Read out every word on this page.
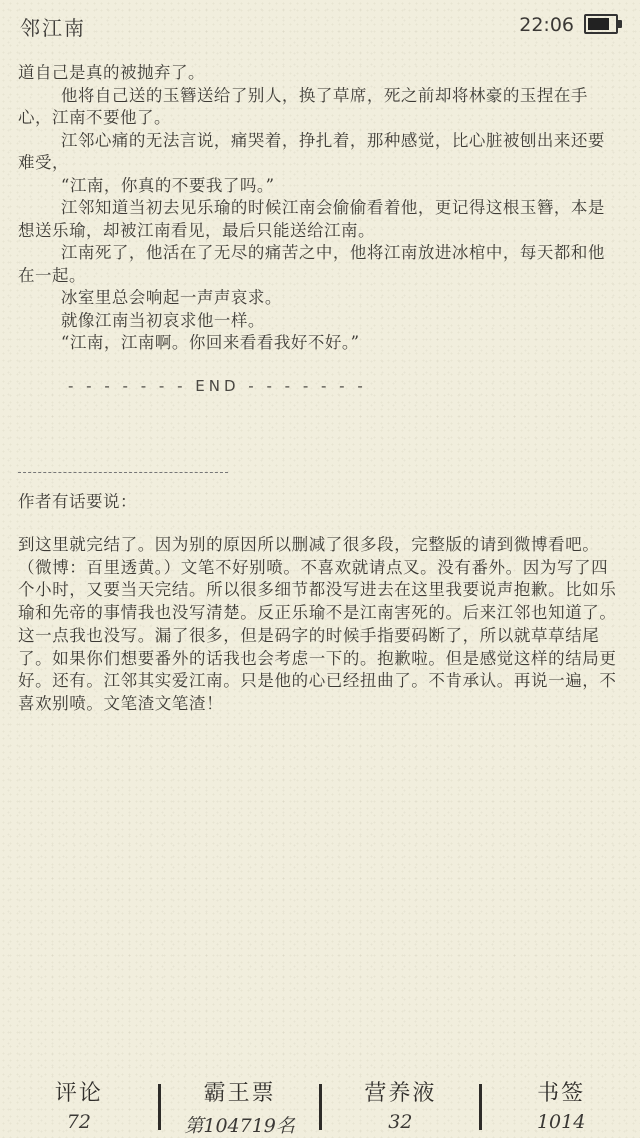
邻江南	22:06

道自己是真的被抛弃了。

他将自己送的玉簪送给了别人，换了草席，死之前却将林豪的玉捏在手心，江南不要他了。

江邻心痛的无法言说，痛哭着，挣扎着，那种感觉，比心脏被刨出来还要难受，

“江南，你真的不要我了吗。”

江邻知道当初去见乐瑜的时候江南会偷偷看着他，更记得这根玉簪，本是想送乐瑜，却被江南看见，最后只能送给江南。

江南死了，他活在了无尽的痛苦之中，他将江南放进冰棺中，每天都和他在一起。

冰室里总会响起一声声哀求。

就像江南当初哀求他一样。

“江南，江南啊。你回来看看我好不好。”

- - - - - - - END - - - - - - -

作者有话要说：

到这里就完结了。因为别的原因所以删减了很多段，完整版的请到微博看吧。（微博：百里透黄。）文笔不好别喷。不喜欢就请点叉。没有番外。因为写了四个小时，又要当天完结。所以很多细节都没写进去在这里我要说声抱歉。比如乐瑜和先帝的事情我也没写清楚。反正乐瑜不是江南害死的。后来江邻也知道了。这一点我也没写。漏了很多，但是码字的时候手指要码断了，所以就草草结尾了。如果你们想要番外的话我也会考虑一下的。抱歉啦。但是感觉这样的结局更好。还有。江邻其实爱江南。只是他的心已经扭曲了。不肯承认。再说一遍，不喜欢别喷。文笔渣文笔渣！

评论
72
霸王票
第104719名
营养液
32
书签
1014
